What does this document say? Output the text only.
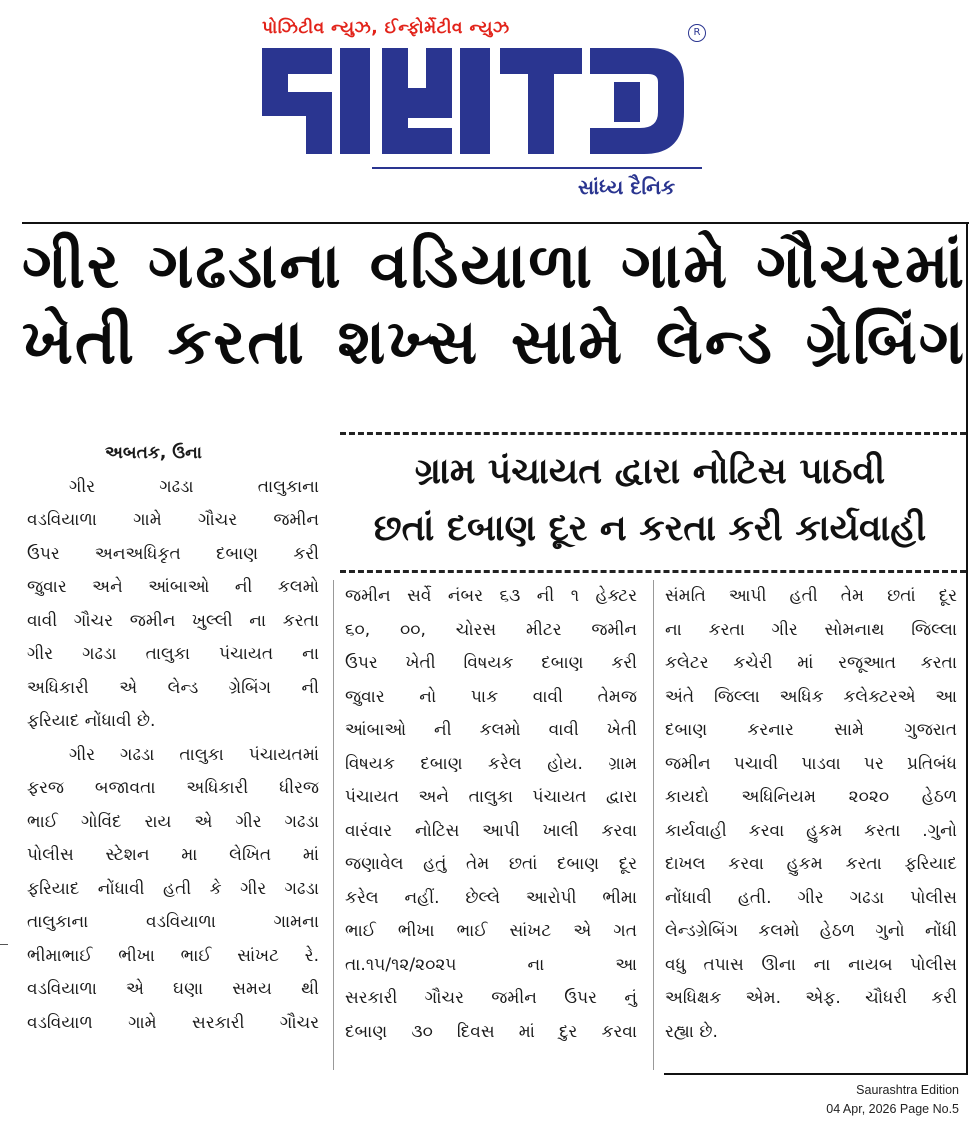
પોઝિટીવ ન્યુઝ, ઈન્ફોર્મેટીવ ન્યુઝ	R
સાંધ્ય દૈનિક
ગીર ગઢડાના વડિયાળા ગામે ગૌચરમાં
ખેતી કરતા શખ્સ સામે લેન્ડ ગ્રેબિંગ
ગ્રામ પંચાયત દ્વારા નોટિસ પાઠવી
છતાં દબાણ દૂર ન કરતા કરી કાર્યવાહી
અબતક, ઉના
ગીર ગઢડા તાલુકાના
વડવિયાળા ગામે ગૌચર જમીન
ઉપર અનઅધિકૃત દબાણ કરી
જુવાર અને આંબાઓ ની કલમો
વાવી ગૌચર જમીન ખુલ્લી ના કરતા
ગીર ગઢડા તાલુકા પંચાયત ના
અધિકારી એ લેન્ડ ગ્રેબિંગ ની
ફરિયાદ નોંધાવી છે.
ગીર ગઢડા તાલુકા પંચાયતમાં
ફરજ બજાવતા અધિકારી ધીરજ
ભાઈ ગોવિંદ રાય એ ગીર ગઢડા
પોલીસ સ્ટેશન મા લેખિત માં
ફરિયાદ નોંધાવી હતી કે ગીર ગઢડા
તાલુકાના વડવિયાળા ગામના
ભીમાભાઈ ભીખા ભાઈ સાંખટ રે.
વડવિયાળા એ ઘણા સમય થી
વડવિયાળ ગામે સરકારી ગૌચર
જમીન સર્વે નંબર ૬૩ ની ૧ હેક્ટર
૬૦, ૦૦, ચોરસ મીટર જમીન
ઉપર ખેતી વિષયક દબાણ કરી
જુવાર નો પાક વાવી તેમજ
આંબાઓ ની કલમો વાવી ખેતી
વિષયક દબાણ કરેલ હોય. ગ્રામ
પંચાયત અને તાલુકા પંચાયત દ્વારા
વારંવાર નોટિસ આપી ખાલી કરવા
જણાવેલ હતું તેમ છતાં દબાણ દૂર
કરેલ નહીં. છેલ્લે આરોપી ભીમા
ભાઈ ભીખા ભાઈ સાંખટ એ ગત
તા.૧૫/૧૨/૨૦૨૫ ના આ
સરકારી ગૌચર જમીન ઉપર નું
દબાણ ૩૦ દિવસ માં દુર કરવા
સંમતિ આપી હતી તેમ છતાં દૂર
ના કરતા ગીર સોમનાથ જિલ્લા
કલેટર કચેરી માં રજૂઆત કરતા
અંતે જિલ્લા અધિક કલેક્ટરએ આ
દબાણ કરનાર સામે ગુજરાત
જમીન પચાવી પાડવા પર પ્રતિબંધ
કાયદો અધિનિયમ ૨૦૨૦ હેઠળ
કાર્યવાહી કરવા હુકમ કરતા .ગુનો
દાખલ કરવા હુકમ કરતા ફરિયાદ
નોંધાવી હતી. ગીર ગઢડા પોલીસ
લેન્ડગ્રેબિંગ કલમો હેઠળ ગુનો નોંધી
વધુ તપાસ ઊના ના નાયબ પોલીસ
અધિક્ષક એમ. એફ. ચૌધરી કરી
રહ્યા છે.
Saurashtra Edition
04 Apr, 2026 Page No.5
